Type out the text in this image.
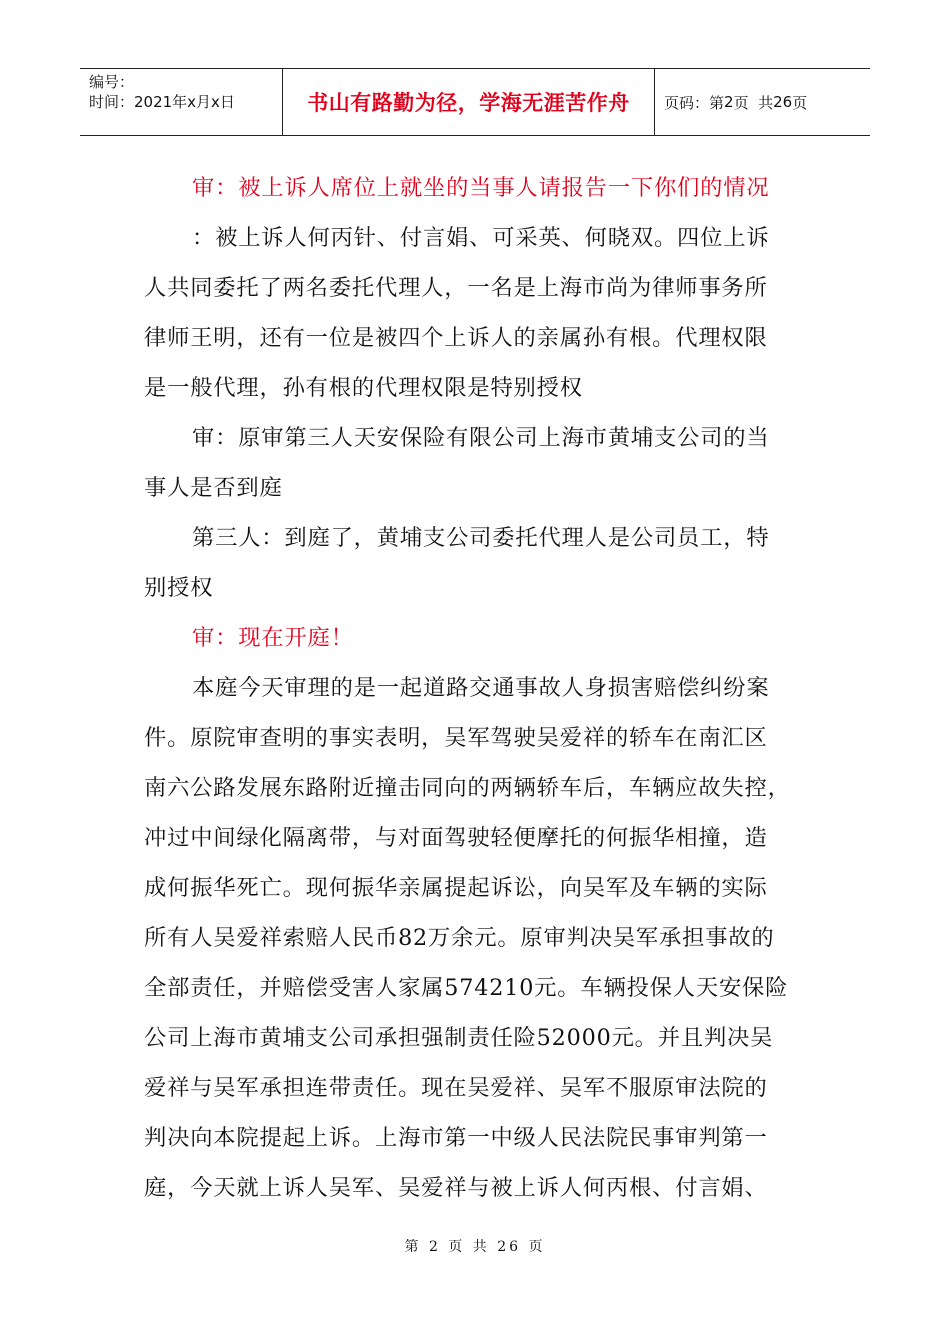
编号：
时间：2021年x月x日	书山有路勤为径，学海无涯苦作舟	页码：第 2 页  共 26 页
审：被上诉人席位上就坐的当事人请报告一下你们的情况
：被上诉人何丙针、付言娟、可采英、何晓双。四位上诉
人共同委托了两名委托代理人，一名是上海市尚为律师事务所
律师王明，还有一位是被四个上诉人的亲属孙有根。代理权限
是一般代理，孙有根的代理权限是特别授权
审：原审第三人天安保险有限公司上海市黄埔支公司的当
事人是否到庭
第三人：到庭了，黄埔支公司委托代理人是公司员工，特
别授权
审：现在开庭！
本庭今天审理的是一起道路交通事故人身损害赔偿纠纷案
件。原院审查明的事实表明，吴军驾驶吴爱祥的轿车在南汇区
南六公路发展东路附近撞击同向的两辆轿车后，车辆应故失控，
冲过中间绿化隔离带，与对面驾驶轻便摩托的何振华相撞，造
成何振华死亡。现何振华亲属提起诉讼，向吴军及车辆的实际
所有人吴爱祥索赔人民币82万余元。原审判决吴军承担事故的
全部责任，并赔偿受害人家属574210元。车辆投保人天安保险
公司上海市黄埔支公司承担强制责任险52000元。并且判决吴
爱祥与吴军承担连带责任。现在吴爱祥、吴军不服原审法院的
判决向本院提起上诉。上海市第一中级人民法院民事审判第一
庭，今天就上诉人吴军、吴爱祥与被上诉人何丙根、付言娟、
第 2 页 共 26 页
